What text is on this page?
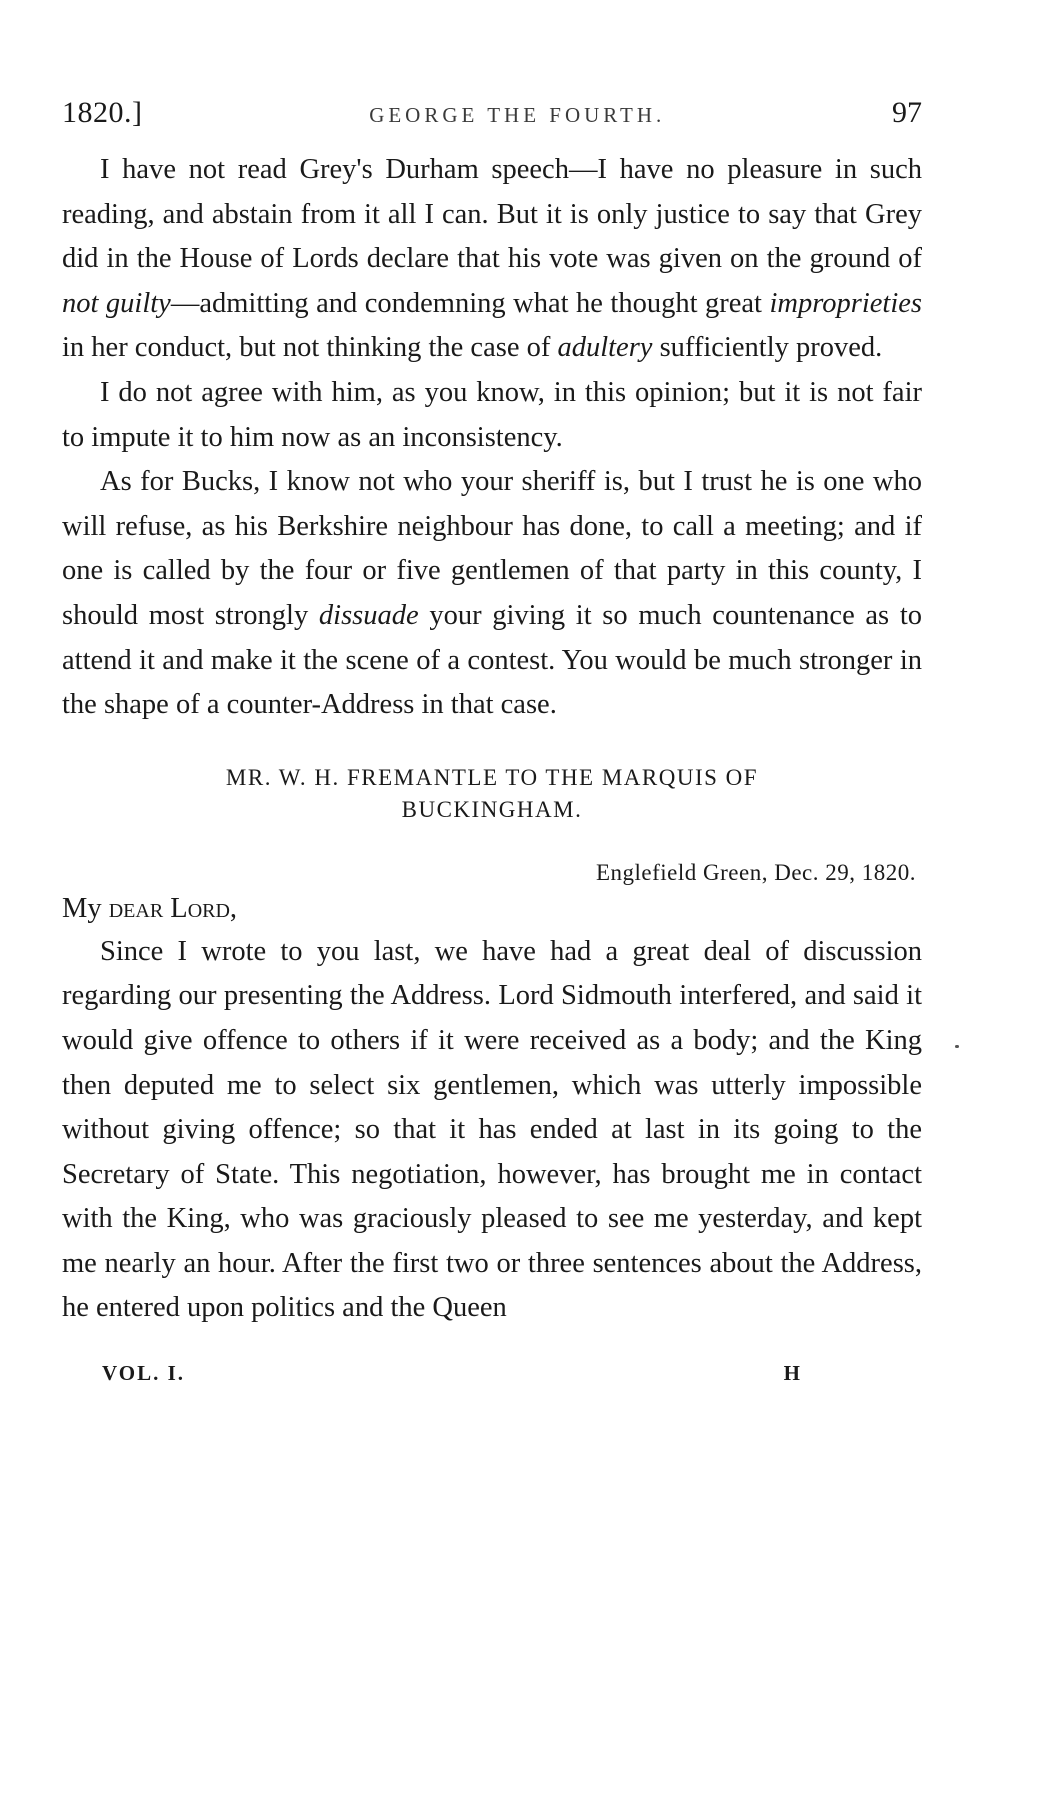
1820.]	GEORGE THE FOURTH.	97

I have not read Grey's Durham speech—I have no pleasure in such reading, and abstain from it all I can. But it is only justice to say that Grey did in the House of Lords declare that his vote was given on the ground of not guilty—admitting and condemning what he thought great improprieties in her conduct, but not thinking the case of adultery sufficiently proved.

I do not agree with him, as you know, in this opinion; but it is not fair to impute it to him now as an inconsistency.

As for Bucks, I know not who your sheriff is, but I trust he is one who will refuse, as his Berkshire neighbour has done, to call a meeting; and if one is called by the four or five gentlemen of that party in this county, I should most strongly dissuade your giving it so much countenance as to attend it and make it the scene of a contest. You would be much stronger in the shape of a counter-Address in that case.

MR. W. H. FREMANTLE TO THE MARQUIS OF
BUCKINGHAM.
Englefield Green, Dec. 29, 1820.

My dear Lord,

Since I wrote to you last, we have had a great deal of discussion regarding our presenting the Address. Lord Sidmouth interfered, and said it would give offence to others if it were received as a body; and the King then deputed me to select six gentlemen, which was utterly impossible without giving offence; so that it has ended at last in its going to the Secretary of State. This negotiation, however, has brought me in contact with the King, who was graciously pleased to see me yesterday, and kept me nearly an hour. After the first two or three sentences about the Address, he entered upon politics and the Queen

VOL. I.	H
